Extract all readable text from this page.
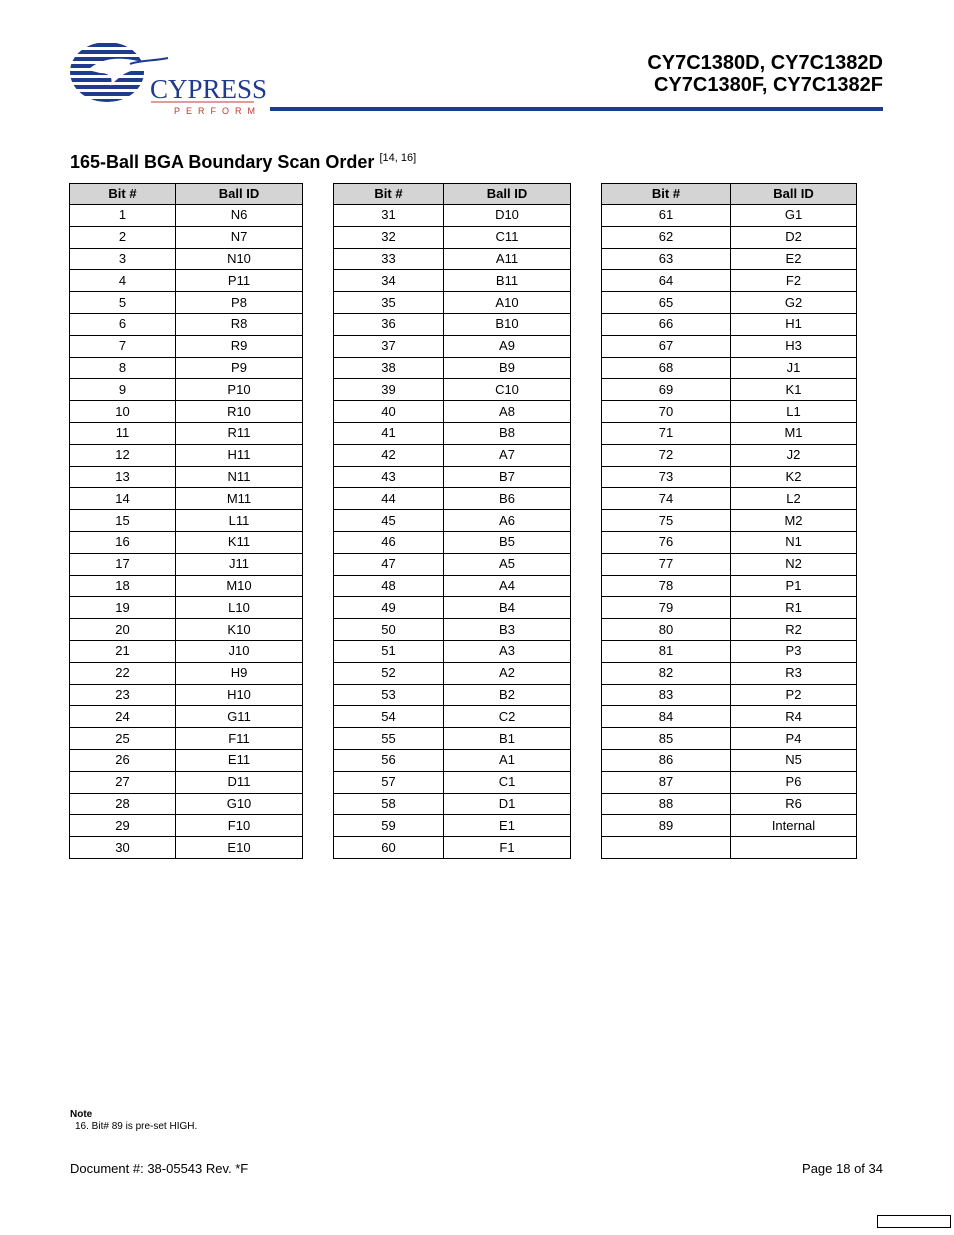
CYPRESS
PERFORM
CY7C1380D, CY7C1382D
CY7C1380F, CY7C1382F
165-Ball BGA Boundary Scan Order [14, 16]
Bit #	Ball ID
1	N6
2	N7
3	N10
4	P11
5	P8
6	R8
7	R9
8	P9
9	P10
10	R10
11	R11
12	H11
13	N11
14	M11
15	L11
16	K11
17	J11
18	M10
19	L10
20	K10
21	J10
22	H9
23	H10
24	G11
25	F11
26	E11
27	D11
28	G10
29	F10
30	E10
Bit #	Ball ID
31	D10
32	C11
33	A11
34	B11
35	A10
36	B10
37	A9
38	B9
39	C10
40	A8
41	B8
42	A7
43	B7
44	B6
45	A6
46	B5
47	A5
48	A4
49	B4
50	B3
51	A3
52	A2
53	B2
54	C2
55	B1
56	A1
57	C1
58	D1
59	E1
60	F1
Bit #	Ball ID
61	G1
62	D2
63	E2
64	F2
65	G2
66	H1
67	H3
68	J1
69	K1
70	L1
71	M1
72	J2
73	K2
74	L2
75	M2
76	N1
77	N2
78	P1
79	R1
80	R2
81	P3
82	R3
83	P2
84	R4
85	P4
86	N5
87	P6
88	R6
89	Internal

Note
16. Bit# 89 is pre-set HIGH.
Document #: 38-05543 Rev. *F	Page 18 of 34
